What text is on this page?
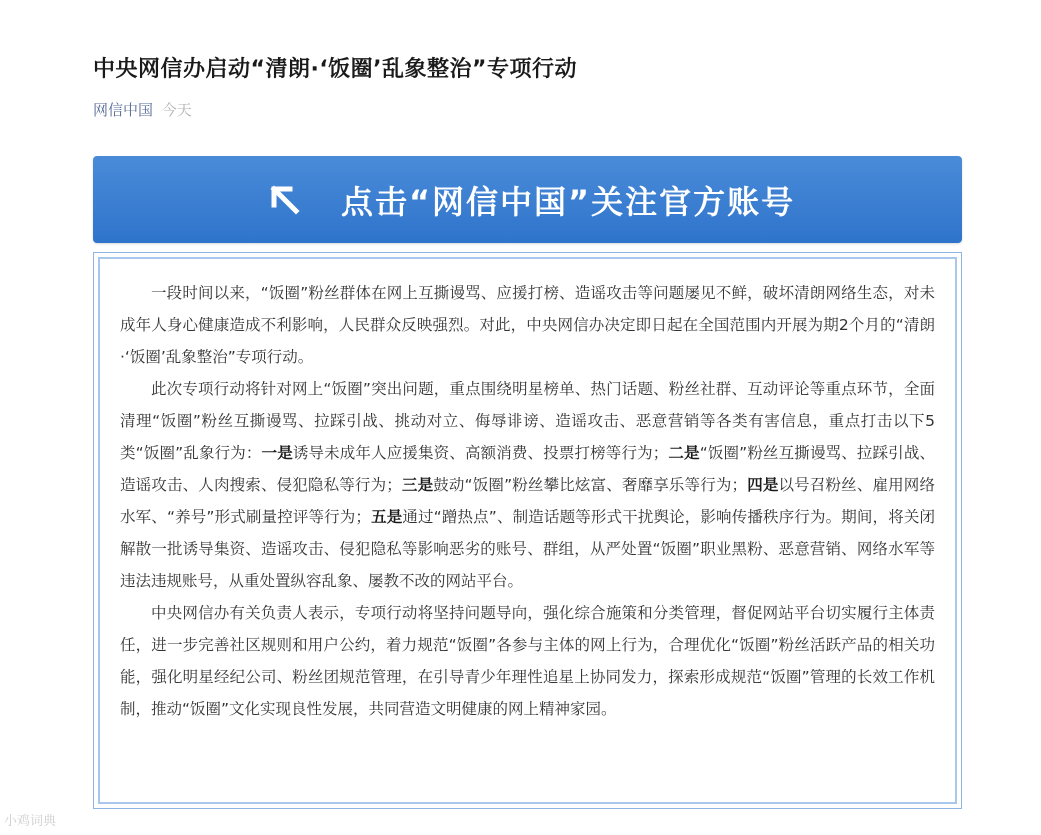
中央网信办启动“清朗·‘饭圈’乱象整治”专项行动
网信中国 今天
点击“网信中国”关注官方账号

一段时间以来，“饭圈”粉丝群体在网上互撕谩骂、应援打榜、造谣攻击等问题屡见不鲜，破坏清朗网络生态，对未成年人身心健康造成不利影响，人民群众反映强烈。对此，中央网信办决定即日起在全国范围内开展为期2个月的“清朗·‘饭圈’乱象整治”专项行动。

此次专项行动将针对网上“饭圈”突出问题，重点围绕明星榜单、热门话题、粉丝社群、互动评论等重点环节，全面清理“饭圈”粉丝互撕谩骂、拉踩引战、挑动对立、侮辱诽谤、造谣攻击、恶意营销等各类有害信息，重点打击以下5类“饭圈”乱象行为：一是诱导未成年人应援集资、高额消费、投票打榜等行为；二是“饭圈”粉丝互撕谩骂、拉踩引战、造谣攻击、人肉搜索、侵犯隐私等行为；三是鼓动“饭圈”粉丝攀比炫富、奢靡享乐等行为；四是以号召粉丝、雇用网络水军、“养号”形式刷量控评等行为；五是通过“蹭热点”、制造话题等形式干扰舆论，影响传播秩序行为。期间，将关闭解散一批诱导集资、造谣攻击、侵犯隐私等影响恶劣的账号、群组，从严处置“饭圈”职业黑粉、恶意营销、网络水军等违法违规账号，从重处置纵容乱象、屡教不改的网站平台。

中央网信办有关负责人表示，专项行动将坚持问题导向，强化综合施策和分类管理，督促网站平台切实履行主体责任，进一步完善社区规则和用户公约，着力规范“饭圈”各参与主体的网上行为，合理优化“饭圈”粉丝活跃产品的相关功能，强化明星经纪公司、粉丝团规范管理，在引导青少年理性追星上协同发力，探索形成规范“饭圈”管理的长效工作机制，推动“饭圈”文化实现良性发展，共同营造文明健康的网上精神家园。

小鸡词典
